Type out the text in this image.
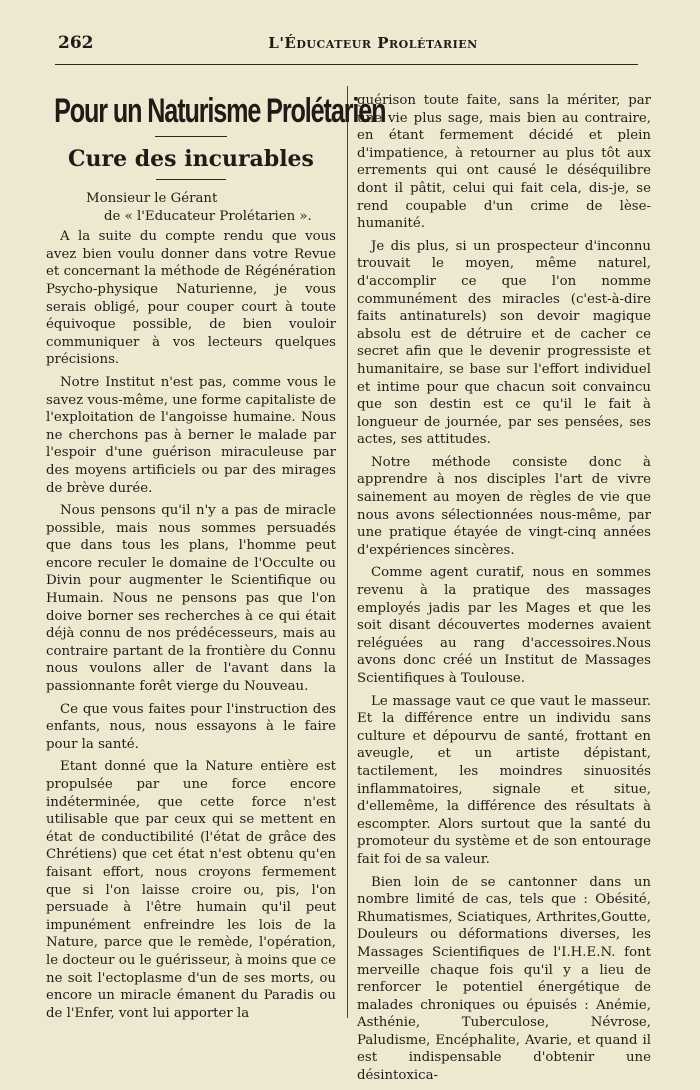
262	L'Éducateur Prolétarien
Pour un Naturisme Prolétarien
Cure des incurables
Monsieur le Gérant
de « l'Educateur Prolétarien ».

A la suite du compte rendu que vous avez bien voulu donner dans votre Revue et concernant la méthode de Régénération Psycho-physique Naturienne, je vous serais obligé, pour couper court à toute équivoque possible, de bien vouloir communiquer à vos lecteurs quelques précisions.

Notre Institut n'est pas, comme vous le savez vous-même, une forme capitaliste de l'exploitation de l'angoisse humaine. Nous ne cherchons pas à berner le malade par l'espoir d'une guérison miraculeuse par des moyens artificiels ou par des mirages de brève durée.

Nous pensons qu'il n'y a pas de miracle possible, mais nous sommes persuadés que dans tous les plans, l'homme peut encore reculer le domaine de l'Occulte ou Divin pour augmenter le Scientifique ou Humain. Nous ne pensons pas que l'on doive borner ses recherches à ce qui était déjà connu de nos prédécesseurs, mais au contraire partant de la frontière du Connu nous voulons aller de l'avant dans la passionnante forêt vierge du Nouveau.

Ce que vous faites pour l'instruction des enfants, nous, nous essayons à le faire pour la santé.

Etant donné que la Nature entière est propulsée par une force encore indéterminée, que cette force n'est utilisable que par ceux qui se mettent en état de conductibilité (l'état de grâce des Chrétiens) que cet état n'est obtenu qu'en faisant effort, nous croyons fermement que si l'on laisse croire ou, pis, l'on persuade à l'être humain qu'il peut impunément enfreindre les lois de la Nature, parce que le remède, l'opération, le docteur ou le guérisseur, à moins que ce ne soit l'ectoplasme d'un de ses morts, ou encore un miracle émanent du Paradis ou de l'Enfer, vont lui apporter la

guérison toute faite, sans la mériter, par une vie plus sage, mais bien au contraire, en étant fermement décidé et plein d'impatience, à retourner au plus tôt aux errements qui ont causé le déséquilibre dont il pâtit, celui qui fait cela, dis-je, se rend coupable d'un crime de lèse-humanité.

Je dis plus, si un prospecteur d'inconnu trouvait le moyen, même naturel, d'accomplir ce que l'on nomme communément des miracles (c'est-à-dire faits antinaturels) son devoir magique absolu est de détruire et de cacher ce secret afin que le devenir progressiste et humanitaire, se base sur l'effort individuel et intime pour que chacun soit convaincu que son destin est ce qu'il le fait à longueur de journée, par ses pensées, ses actes, ses attitudes.

Notre méthode consiste donc à apprendre à nos disciples l'art de vivre sainement au moyen de règles de vie que nous avons sélectionnées nous-même, par une pratique étayée de vingt-cinq années d'expériences sincères.

Comme agent curatif, nous en sommes revenu à la pratique des massages employés jadis par les Mages et que les soit disant découvertes modernes avaient reléguées au rang d'accessoires.Nous avons donc créé un Institut de Massages Scientifiques à Toulouse.

Le massage vaut ce que vaut le masseur. Et la différence entre un individu sans culture et dépourvu de santé, frottant en aveugle, et un artiste dépistant, tactilement, les moindres sinuosités inflammatoires, signale et situe, d'ellemême, la différence des résultats à escompter. Alors surtout que la santé du promoteur du système et de son entourage fait foi de sa valeur.

Bien loin de se cantonner dans un nombre limité de cas, tels que : Obésité, Rhumatismes, Sciatiques, Arthrites,Goutte, Douleurs ou déformations diverses, les Massages Scientifiques de l'I.H.E.N. font merveille chaque fois qu'il y a lieu de renforcer le potentiel énergétique de malades chroniques ou épuisés : Anémie, Asthénie, Tuberculose, Névrose, Paludisme, Encéphalite, Avarie, et quand il est indispensable d'obtenir une désintoxica-
